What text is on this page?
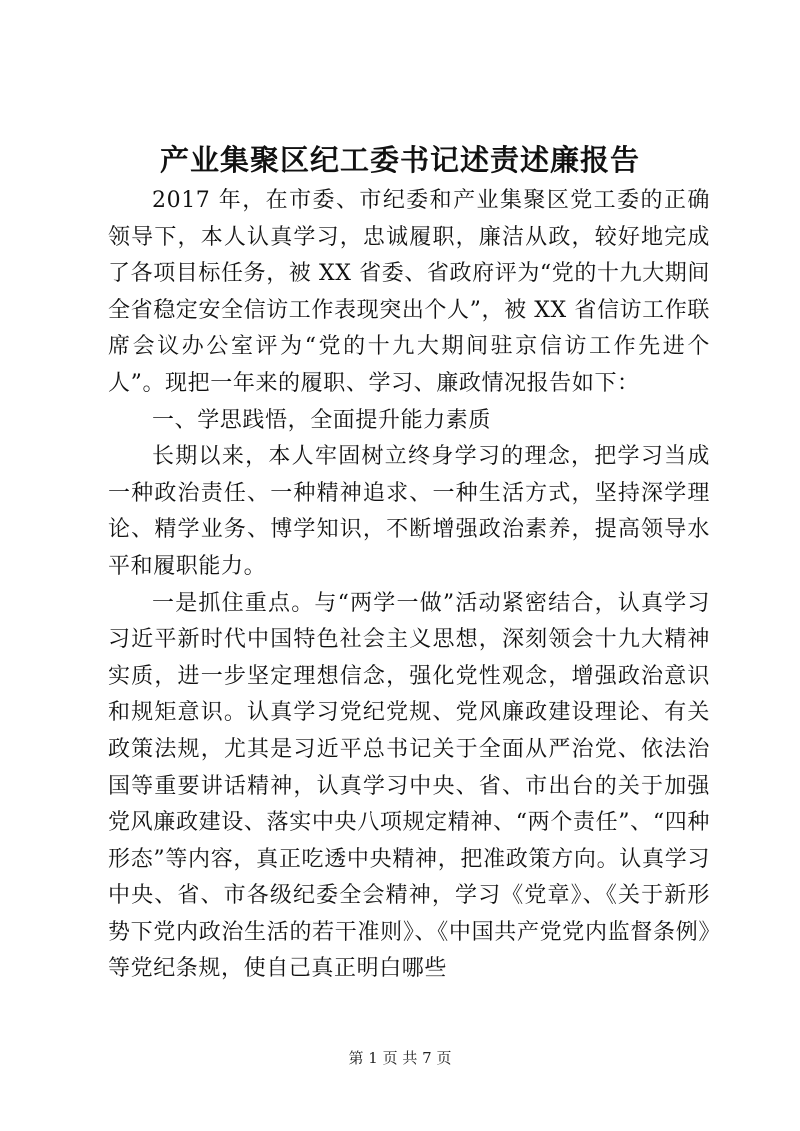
产业集聚区纪工委书记述责述廉报告

2017 年，在市委、市纪委和产业集聚区党工委的正确领导下，本人认真学习，忠诚履职，廉洁从政，较好地完成了各项目标任务，被 XX 省委、省政府评为“党的十九大期间全省稳定安全信访工作表现突出个人”，被 XX 省信访工作联席会议办公室评为“党的十九大期间驻京信访工作先进个人”。现把一年来的履职、学习、廉政情况报告如下：

一、学思践悟，全面提升能力素质

长期以来，本人牢固树立终身学习的理念，把学习当成一种政治责任、一种精神追求、一种生活方式，坚持深学理论、精学业务、博学知识，不断增强政治素养，提高领导水平和履职能力。

一是抓住重点。与“两学一做”活动紧密结合，认真学习习近平新时代中国特色社会主义思想，深刻领会十九大精神实质，进一步坚定理想信念，强化党性观念，增强政治意识和规矩意识。认真学习党纪党规、党风廉政建设理论、有关政策法规，尤其是习近平总书记关于全面从严治党、依法治国等重要讲话精神，认真学习中央、省、市出台的关于加强党风廉政建设、落实中央八项规定精神、“两个责任”、“四种形态”等内容，真正吃透中央精神，把准政策方向。认真学习中央、省、市各级纪委全会精神，学习《党章》、《关于新形势下党内政治生活的若干准则》、《中国共产党党内监督条例》等党纪条规，使自己真正明白哪些

第 1 页 共 7 页
